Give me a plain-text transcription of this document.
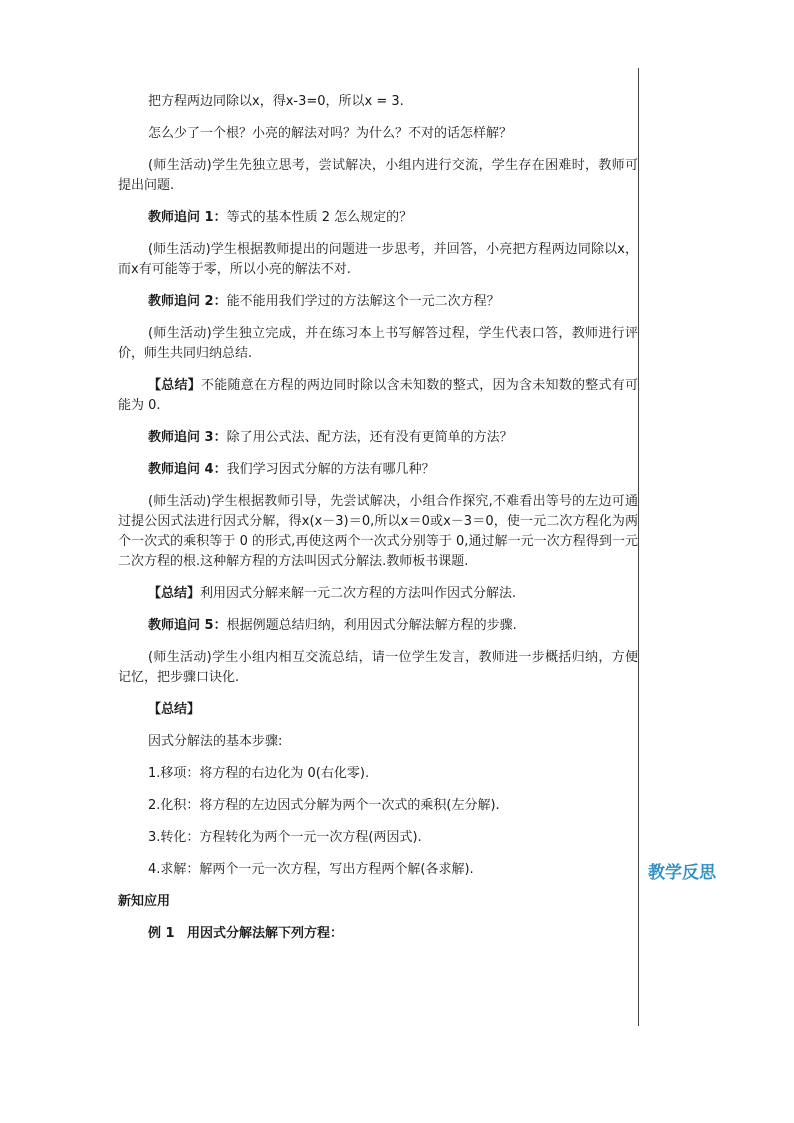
教学反思

把方程两边同除以x，得x-3=0，所以x = 3.

怎么少了一个根？小亮的解法对吗？为什么？不对的话怎样解？

(师生活动)学生先独立思考，尝试解决，小组内进行交流，学生存在困难时，教师可提出问题.

教师追问 1：等式的基本性质 2 怎么规定的？

(师生活动)学生根据教师提出的问题进一步思考，并回答，小亮把方程两边同除以x，而x有可能等于零，所以小亮的解法不对.

教师追问 2：能不能用我们学过的方法解这个一元二次方程？

(师生活动)学生独立完成，并在练习本上书写解答过程，学生代表口答，教师进行评价，师生共同归纳总结.

【总结】不能随意在方程的两边同时除以含未知数的整式，因为含未知数的整式有可能为 0.

教师追问 3：除了用公式法、配方法，还有没有更简单的方法？

教师追问 4：我们学习因式分解的方法有哪几种？

(师生活动)学生根据教师引导，先尝试解决，小组合作探究,不难看出等号的左边可通过提公因式法进行因式分解，得x(x－3)＝0,所以x＝0或x－3＝0，使一元二次方程化为两个一次式的乘积等于 0 的形式,再使这两个一次式分别等于 0,通过解一元一次方程得到一元二次方程的根.这种解方程的方法叫因式分解法.教师板书课题.

【总结】利用因式分解来解一元二次方程的方法叫作因式分解法.

教师追问 5：根据例题总结归纳，利用因式分解法解方程的步骤.

(师生活动)学生小组内相互交流总结，请一位学生发言，教师进一步概括归纳，方便记忆，把步骤口诀化.

【总结】

因式分解法的基本步骤:

1.移项：将方程的右边化为 0(右化零).

2.化积：将方程的左边因式分解为两个一次式的乘积(左分解).

3.转化：方程转化为两个一元一次方程(两因式).

4.求解：解两个一元一次方程，写出方程两个解(各求解).

新知应用

例 1 用因式分解法解下列方程：
